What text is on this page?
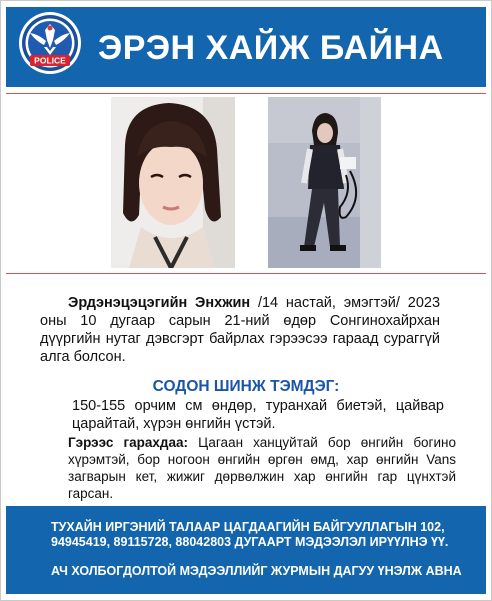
POLICE ЭРЭН ХАЙЖ БАЙНА

Эрдэнэцэцэгийн Энхжин /14 настай, эмэгтэй/ 2023 оны 10 дугаар сарын 21-ний өдөр Сонгинохайрхан дүүргийн нутаг дэвсгэрт байрлах гэрээсээ гараад сураггүй алга болсон.

СОДОН ШИНЖ ТЭМДЭГ:
150-155 орчим см өндөр, туранхай биетэй, цайвар царайтай, хүрэн өнгийн үстэй.
Гэрээс гарахдаа: Цагаан ханцуйтай бор өнгийн богино хүрэмтэй, бор ногоон өнгийн өргөн өмд, хар өнгийн Vans загварын кет, жижиг дөрвөлжин хар өнгийн гар цүнхтэй гарсан.
ТУХАЙН ИРГЭНИЙ ТАЛААР ЦАГДААГИЙН БАЙГУУЛЛАГЫН 102, 94945419, 89115728, 88042803 ДУГААРТ МЭДЭЭЛЭЛ ИРҮҮЛНЭ ҮҮ.
АЧ ХОЛБОГДОЛТОЙ МЭДЭЭЛЛИЙГ ЖУРМЫН ДАГУУ ҮНЭЛЖ АВНА
